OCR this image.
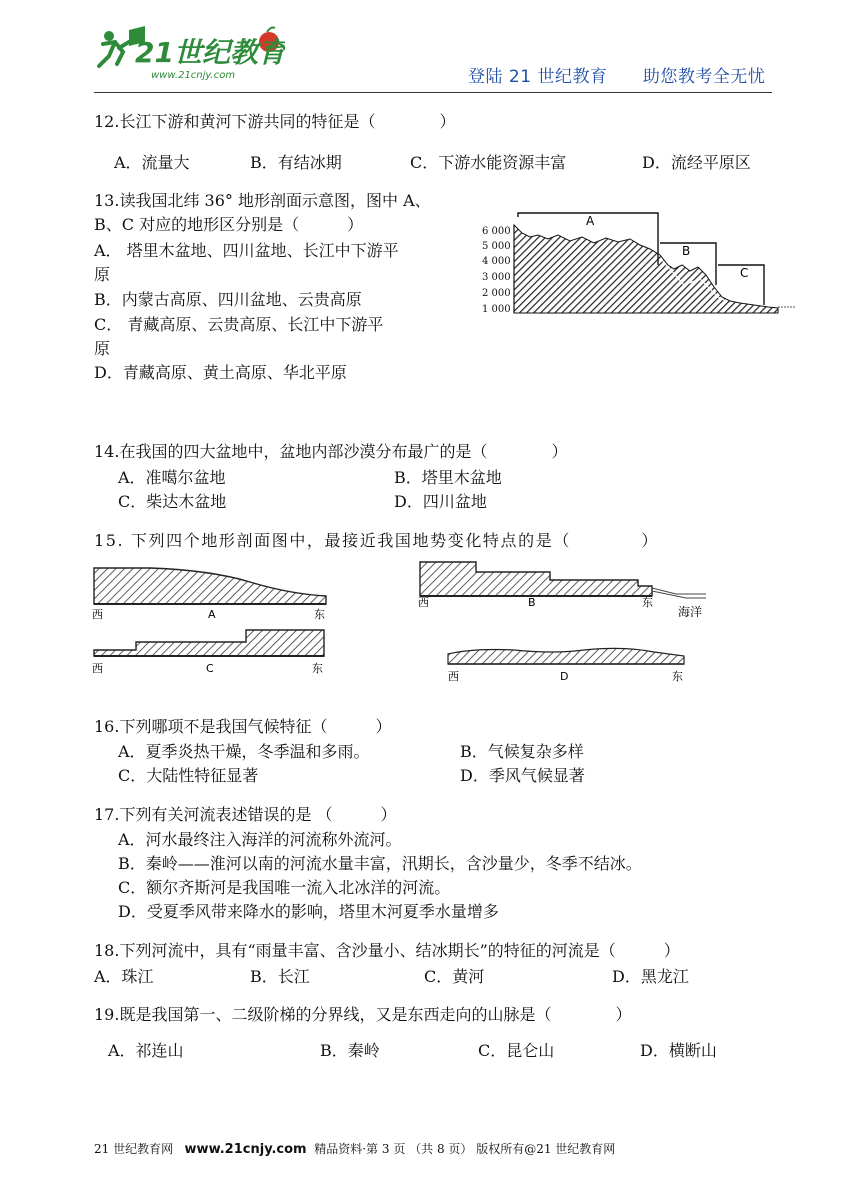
21世纪教育
www.21cnjy.com	登陆 21 世纪教育 助您教考全无忧
12.长江下游和黄河下游共同的特征是（　　　　）
A．流量大	B．有结冰期	C．下游水能资源丰富	D．流经平原区
13.读我国北纬 36° 地形剖面示意图，图中 A、
B、C 对应的地形区分别是（　　　）
A． 塔里木盆地、四川盆地、长江中下游平
原
B．内蒙古高原、四川盆地、云贵高原
C． 青藏高原、云贵高原、长江中下游平
原
D．青藏高原、黄土高原、华北平原
6 000
5 000
4 000
3 000
2 000
1 000
A
B
C
14.在我国的四大盆地中，盆地内部沙漠分布最广的是（　　　　）
A．准噶尔盆地	B．塔里木盆地
C．柴达木盆地	D．四川盆地
15. 下列四个地形剖面图中，最接近我国地势变化特点的是（　　　　）
西	A	东
西	B	东
海洋
西	C	东
西	D	东
16.下列哪项不是我国气候特征（　　　）
A．夏季炎热干燥，冬季温和多雨。	B．气候复杂多样
C．大陆性特征显著	D．季风气候显著
17.下列有关河流表述错误的是 （　　　）
A．河水最终注入海洋的河流称外流河。
B．秦岭——淮河以南的河流水量丰富，汛期长，含沙量少，冬季不结冰。
C．额尔齐斯河是我国唯一流入北冰洋的河流。
D．受夏季风带来降水的影响，塔里木河夏季水量增多
18.下列河流中，具有“雨量丰富、含沙量小、结冰期长”的特征的河流是（　　　）
A．珠江	B．长江	C．黄河	D．黑龙江
19.既是我国第一、二级阶梯的分界线，又是东西走向的山脉是（　　　　）
A．祁连山	B．秦岭	C．昆仑山	D．横断山
21 世纪教育网 www.21cnjy.com 精品资料·第 3 页 （共 8 页） 版权所有@21 世纪教育网
